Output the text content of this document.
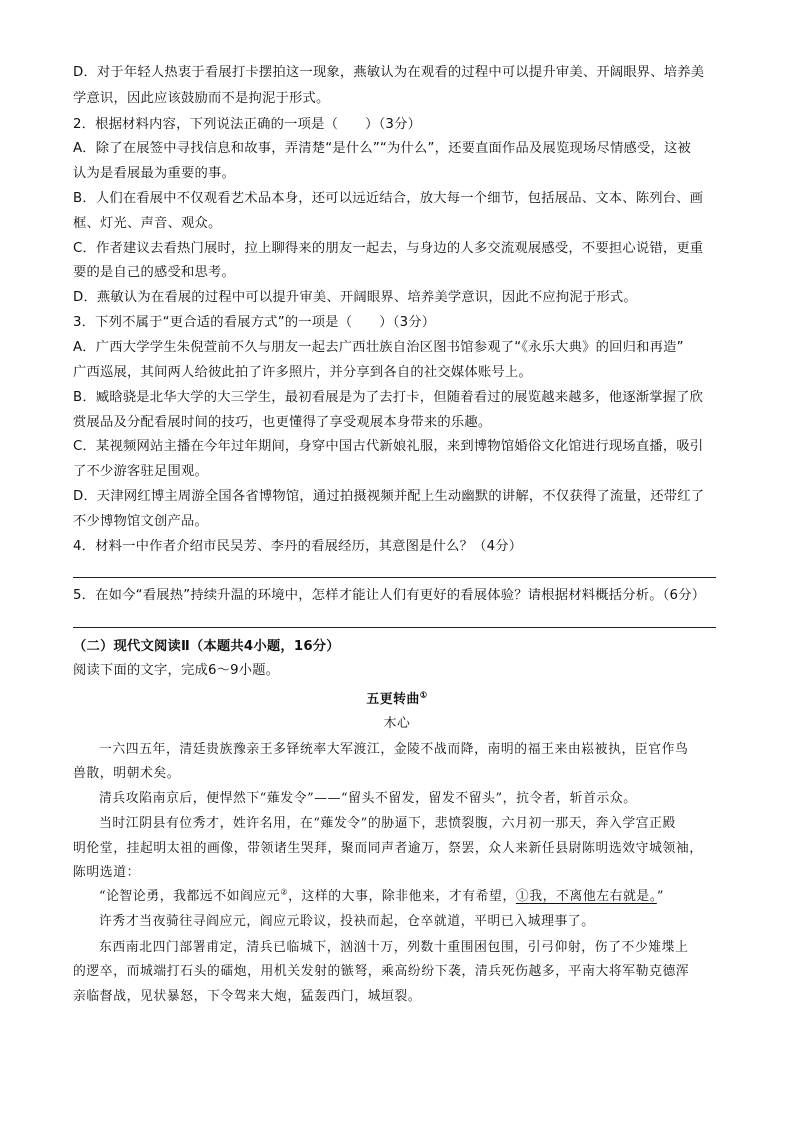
D．对于年轻人热衷于看展打卡摆拍这一现象，燕敏认为在观看的过程中可以提升审美、开阔眼界、培养美
学意识，因此应该鼓励而不是拘泥于形式。
2．根据材料内容，下列说法正确的一项是（　　）（3分）
A．除了在展签中寻找信息和故事，弄清楚“是什么”“为什么”，还要直面作品及展览现场尽情感受，这被
认为是看展最为重要的事。
B．人们在看展中不仅观看艺术品本身，还可以远近结合，放大每一个细节，包括展品、文本、陈列台、画
框、灯光、声音、观众。
C．作者建议去看热门展时，拉上聊得来的朋友一起去，与身边的人多交流观展感受，不要担心说错，更重
要的是自己的感受和思考。
D．燕敏认为在看展的过程中可以提升审美、开阔眼界、培养美学意识，因此不应拘泥于形式。
3．下列不属于“更合适的看展方式”的一项是（　　）（3分）
A．广西大学学生朱倪萱前不久与朋友一起去广西壮族自治区图书馆参观了“《永乐大典》的回归和再造”
广西巡展，其间两人给彼此拍了许多照片，并分享到各自的社交媒体账号上。
B．臧晗骁是北华大学的大三学生，最初看展是为了去打卡，但随着看过的展览越来越多，他逐渐掌握了欣
赏展品及分配看展时间的技巧，也更懂得了享受观展本身带来的乐趣。
C．某视频网站主播在今年过年期间，身穿中国古代新娘礼服，来到博物馆婚俗文化馆进行现场直播，吸引
了不少游客驻足围观。
D．天津网红博主周游全国各省博物馆，通过拍摄视频并配上生动幽默的讲解，不仅获得了流量，还带红了
不少博物馆文创产品。
4．材料一中作者介绍市民吴芳、李丹的看展经历，其意图是什么？（4分）
5．在如今“看展热”持续升温的环境中，怎样才能让人们有更好的看展体验？请根据材料概括分析。（6分）
（二）现代文阅读Ⅱ（本题共4小题，16分）
阅读下面的文字，完成6～9小题。
五更转曲①
木心
一六四五年，清廷贵族豫亲王多铎统率大军渡江，金陵不战而降，南明的福王来由崧被执，臣官作鸟
兽散，明朝术矣。
清兵攻陷南京后，便悍然下“薙发令”——“留头不留发，留发不留头”，抗令者，斩首示众。
当时江阴县有位秀才，姓许名用，在“薙发令”的胁逼下，悲愤裂腹，六月初一那天，奔入学宫正殿
明伦堂，挂起明太祖的画像，带领诸生哭拜，聚而同声者逾万，祭罢，众人来新任县尉陈明选效守城领袖，
陈明选道：
“论智论勇，我都远不如阎应元②，这样的大事，除非他来，才有希望，①我，不离他左右就是。”
许秀才当夜骑往寻阎应元，阎应元聆议，投袂而起，仓卒就道，平明已入城理事了。
东西南北四门部署甫定，清兵已临城下，汹汹十万，列数十重围困包围，引弓仰射，伤了不少雉堞上
的逻卒，而城端打石头的礌炮，用机关发射的镞弩，乘高纷纷下袭，清兵死伤越多，平南大将军勒克德浑
亲临督战，见状暴怒，下令驾来大炮，猛轰西门，城垣裂。
